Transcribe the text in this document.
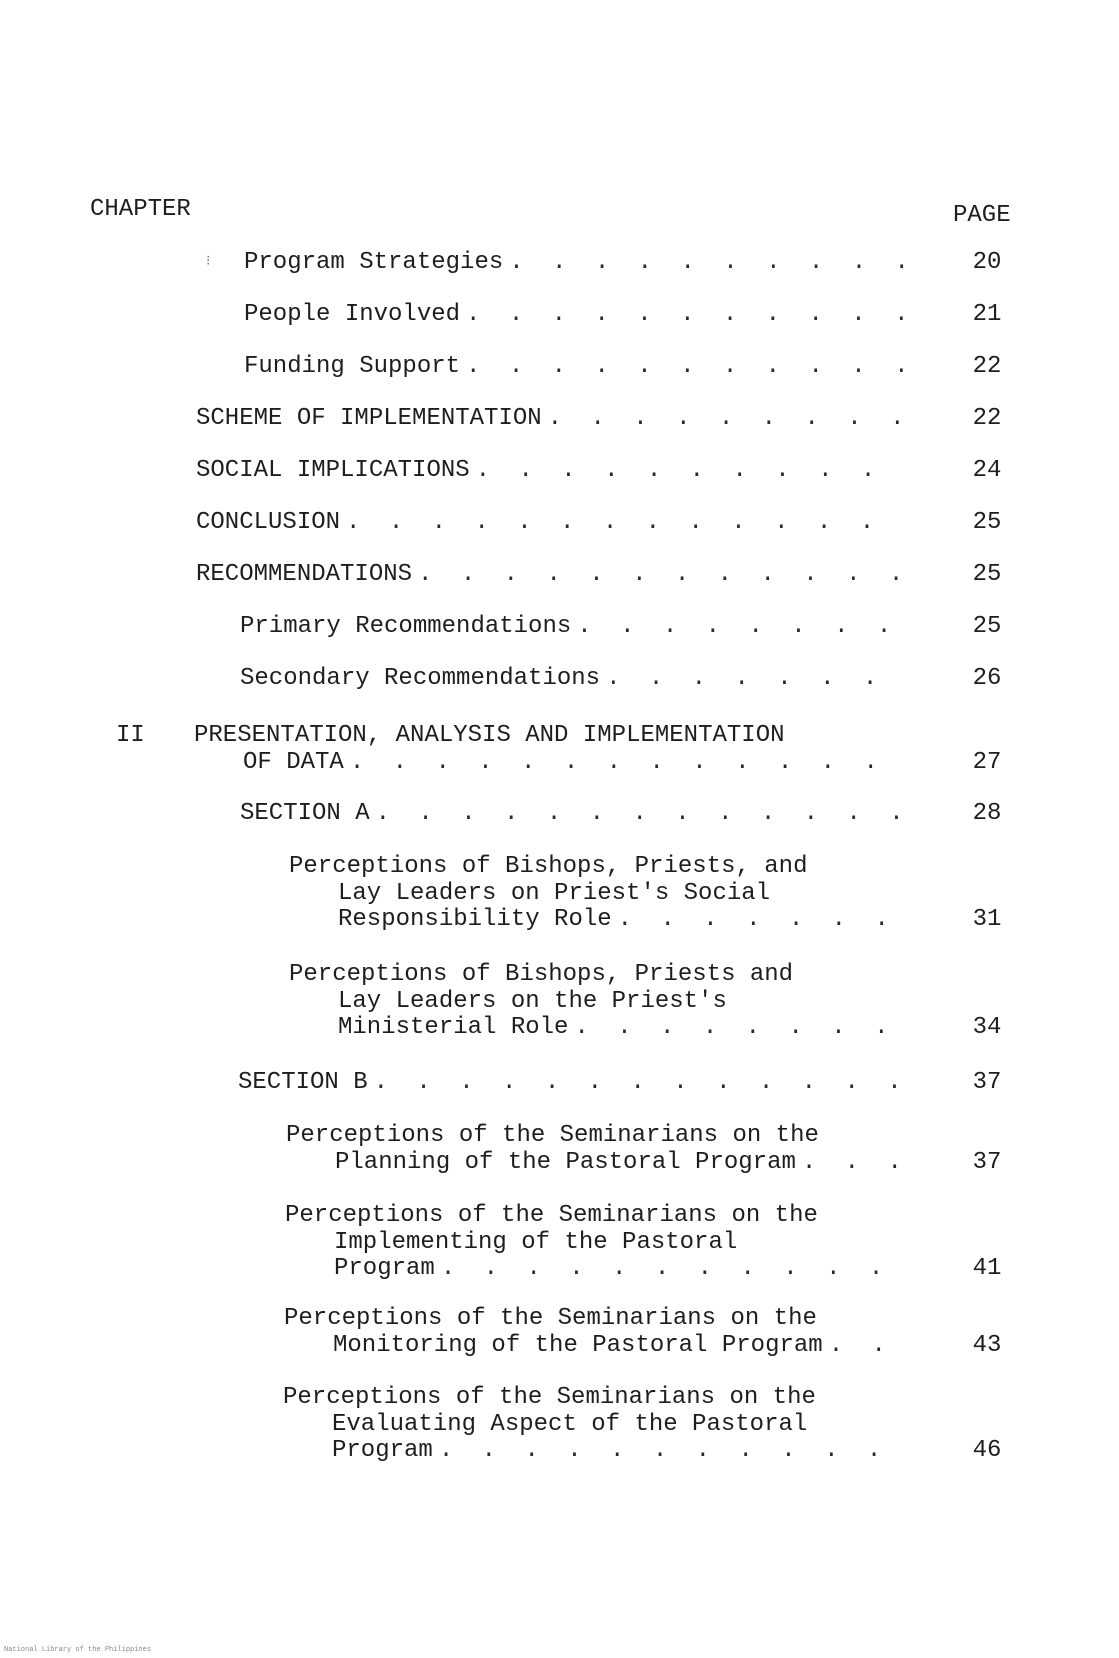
CHAPTER	PAGE
Program Strategies . . .	20
People Involved . . .	21
Funding Support . . .	22
SCHEME OF IMPLEMENTATION . . .	22
SOCIAL IMPLICATIONS . . .	24
CONCLUSION . . .	25
RECOMMENDATIONS . . .	25
Primary Recommendations . . .	25
Secondary Recommendations . . .	26
II PRESENTATION, ANALYSIS AND IMPLEMENTATION
OF DATA . . .	27
SECTION A . . .	28
Perceptions of Bishops, Priests, and
Lay Leaders on Priest's Social
Responsibility Role . . .	31
Perceptions of Bishops, Priests and
Lay Leaders on the Priest's
Ministerial Role . . .	34
SECTION B . . .	37
Perceptions of the Seminarians on the
Planning of the Pastoral Program . . .	37
Perceptions of the Seminarians on the
Implementing of the Pastoral
Program . . .	41
Perceptions of the Seminarians on the
Monitoring of the Pastoral Program . . .	43
Perceptions of the Seminarians on the
Evaluating Aspect of the Pastoral
Program . . .	46
⁝
National Library of the Philippines
